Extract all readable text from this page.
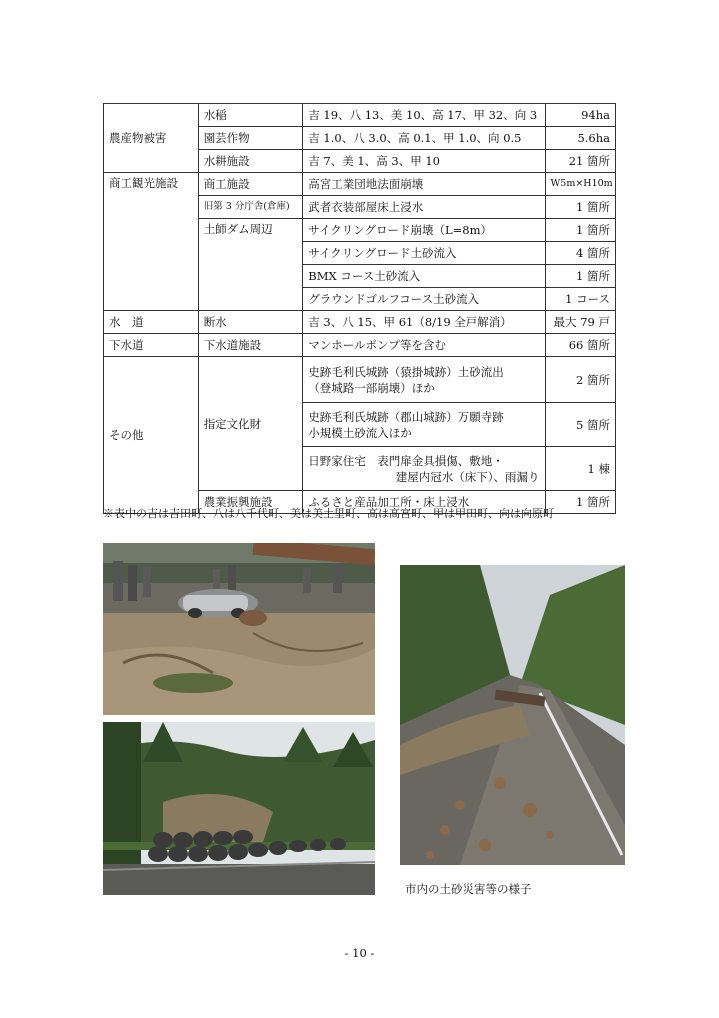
農産物被害	水稲	吉 19、八 13、美 10、高 17、甲 32、向 3	94ha
	園芸作物	吉 1.0、八 3.0、高 0.1、甲 1.0、向 0.5	5.6ha
	水耕施設	吉 7、美 1、高 3、甲 10	21 箇所
商工観光施設	商工施設	高宮工業団地法面崩壊	W5m×H10m
	旧第 3 分庁舎(倉庫)	武者衣装部屋床上浸水	1 箇所
	土師ダム周辺	サイクリングロード崩壊（L=8m）	1 箇所
		サイクリングロード土砂流入	4 箇所
		BMX コース土砂流入	1 箇所
		グラウンドゴルフコース土砂流入	1 コース
水　道	断水	吉 3、八 15、甲 61（8/19 全戸解消）	最大 79 戸
下水道	下水道施設	マンホールポンプ等を含む	66 箇所
その他	指定文化財	史跡毛利氏城跡（猿掛城跡）土砂流出
（登城路一部崩壊）ほか	2 箇所

		史跡毛利氏城跡（郡山城跡）万願寺跡
小規模土砂流入ほか	5 箇所

		日野家住宅　表門扉金具損傷、敷地・
建屋内冠水（床下）、雨漏り	1 棟
	農業振興施設	ふるさと産品加工所・床上浸水	1 箇所
※表中の吉は吉田町、八は八千代町、美は美土里町、高は高宮町、甲は甲田町、向は向原町
市内の土砂災害等の様子
- 10 -
